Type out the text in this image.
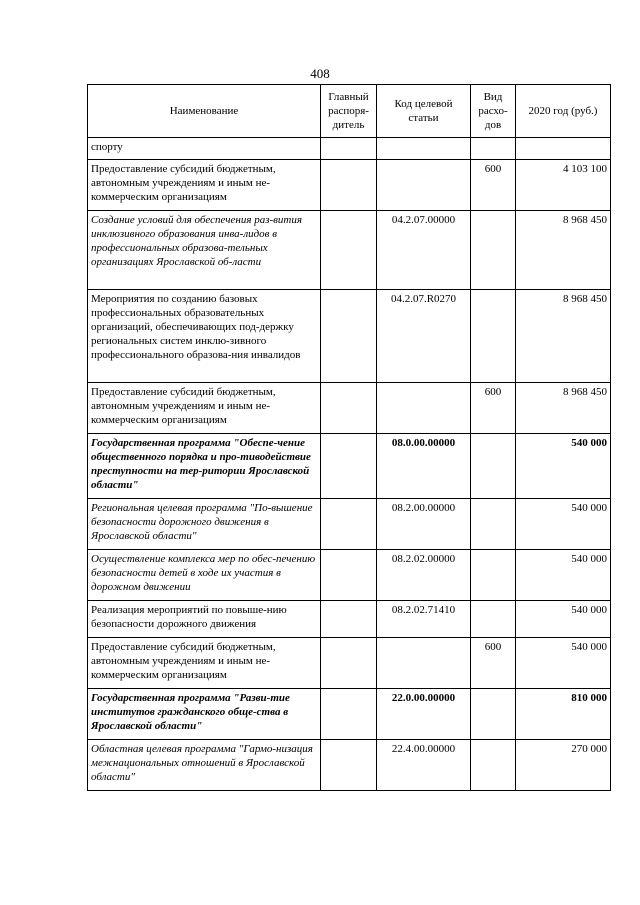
408
Наименование	Главный распоря-дитель	Код целевой статьи	Вид расхо-дов	2020 год (руб.)
спорту				
Предоставление субсидий бюджетным, автономным учреждениям и иным не-коммерческим организациям			600	4 103 100
Создание условий для обеспечения раз-вития инклюзивного образования инва-лидов в профессиональных образова-тельных организациях Ярославской об-ласти		04.2.07.00000		8 968 450
Мероприятия по созданию базовых профессиональных образовательных организаций, обеспечивающих под-держку региональных систем инклю-зивного профессионального образова-ния инвалидов		04.2.07.R0270		8 968 450
Предоставление субсидий бюджетным, автономным учреждениям и иным не-коммерческим организациям			600	8 968 450
Государственная программа "Обеспе-чение общественного порядка и про-тиводействие преступности на тер-ритории Ярославской области"		08.0.00.00000		540 000
Региональная целевая программа "По-вышение безопасности дорожного движения в Ярославской области"		08.2.00.00000		540 000
Осуществление комплекса мер по обес-печению безопасности детей в ходе их участия в дорожном движении		08.2.02.00000		540 000
Реализация мероприятий по повыше-нию безопасности дорожного движения		08.2.02.71410		540 000
Предоставление субсидий бюджетным, автономным учреждениям и иным не-коммерческим организациям			600	540 000
Государственная программа "Разви-тие институтов гражданского обще-ства в Ярославской области"		22.0.00.00000		810 000
Областная целевая программа "Гармо-низация межнациональных отношений в Ярославской области"		22.4.00.00000		270 000
